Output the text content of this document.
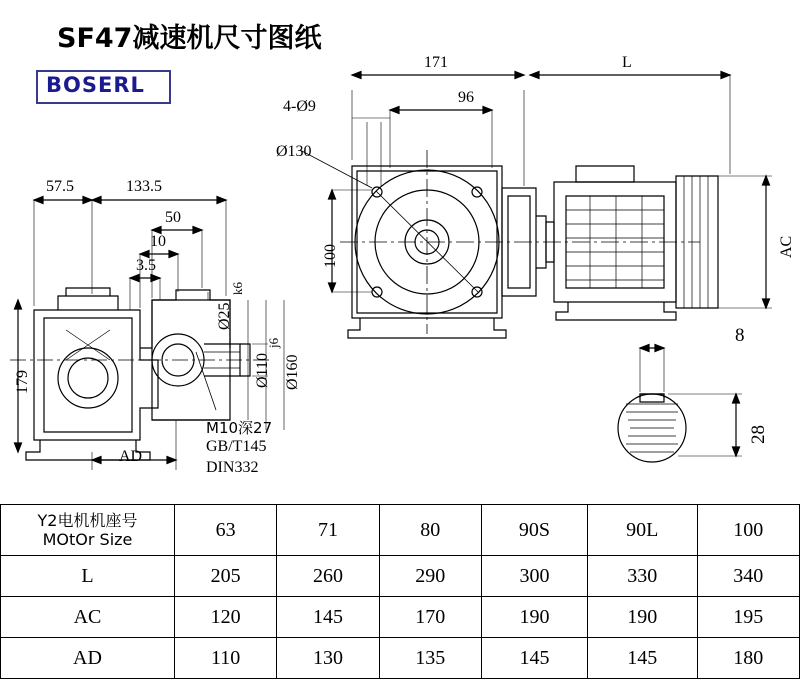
SF47减速机尺寸图纸
BOSERL
171	L
96
4-Ø9
Ø130
100	AC
57.5	133.5
50
10
3.5
Ø25
k6
Ø110
j6
Ø160
179
AD
8
28
M10深27
GB/T145
DIN332
Y2电机机座号
MOtOr Size	63	71	80	90S	90L	100
L	205	260	290	300	330	340
AC	120	145	170	190	190	195
AD	110	130	135	145	145	180
